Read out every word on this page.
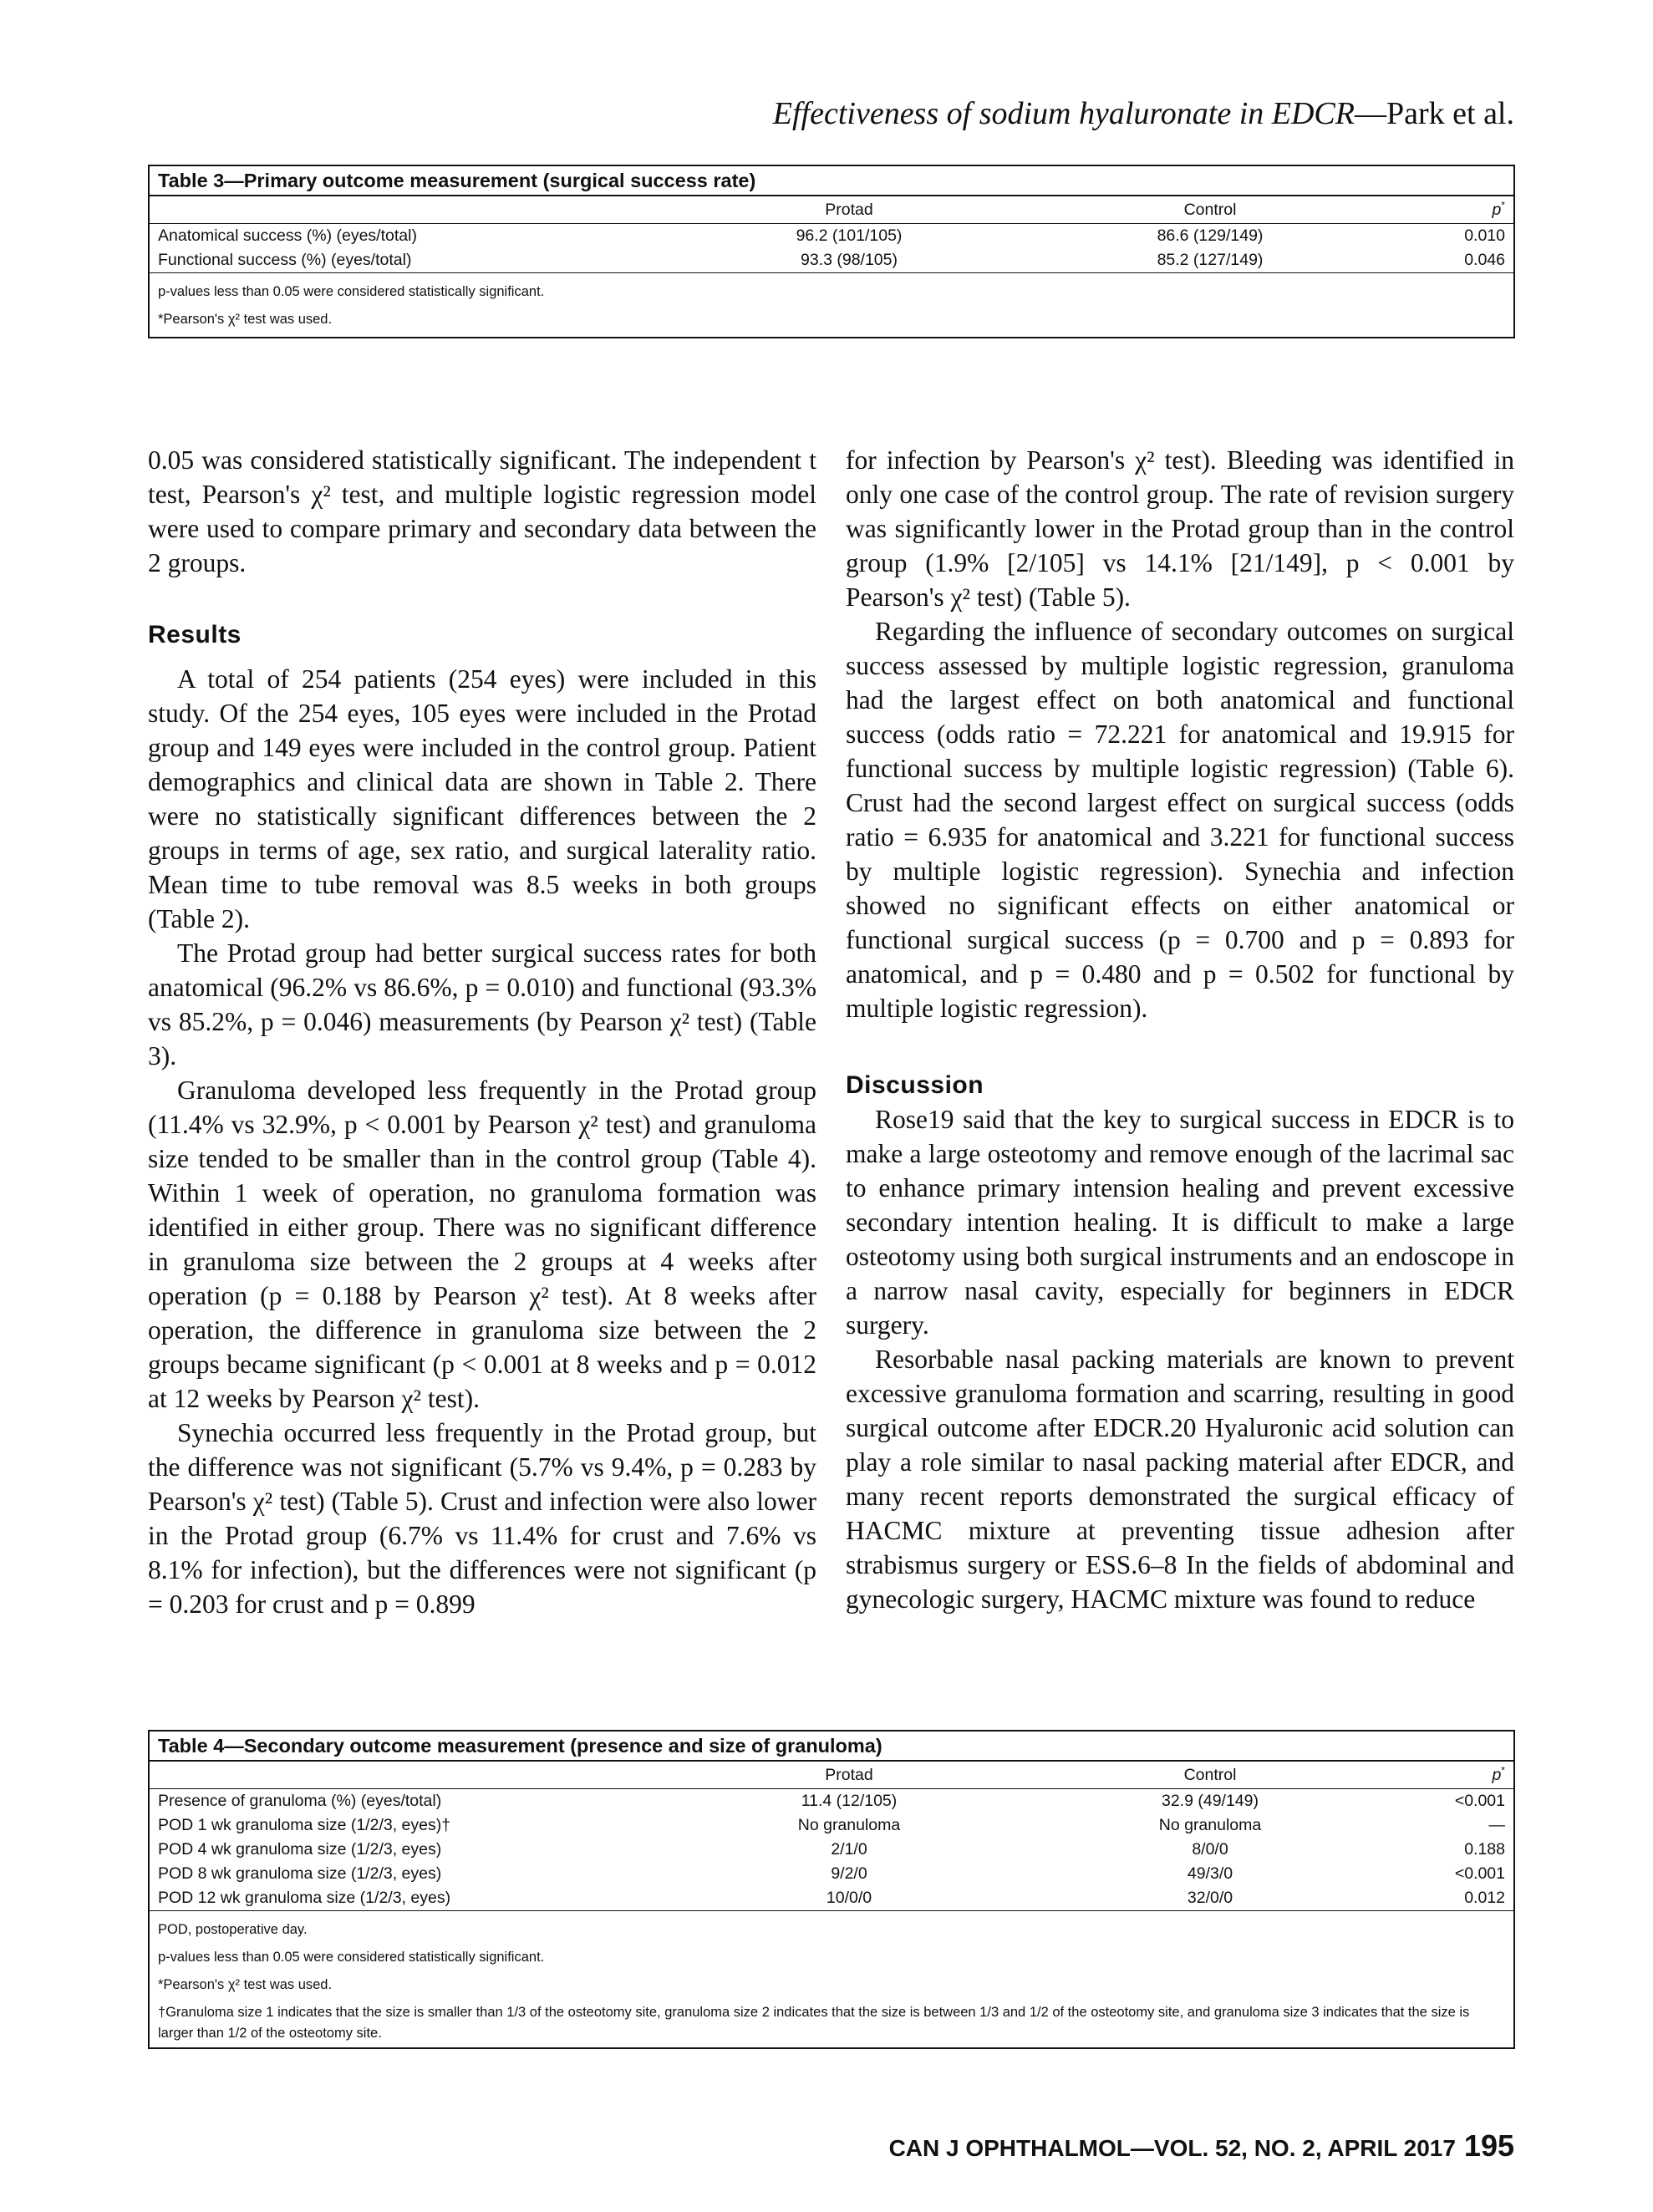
Effectiveness of sodium hyaluronate in EDCR—Park et al.
Table 3—Primary outcome measurement (surgical success rate)
	Protad	Control	p*
Anatomical success (%) (eyes/total)	96.2 (101/105)	86.6 (129/149)	0.010
Functional success (%) (eyes/total)	93.3 (98/105)	85.2 (127/149)	0.046
p-values less than 0.05 were considered statistically significant.
*Pearson's χ² test was used.

0.05 was considered statistically significant. The independent t test, Pearson's χ² test, and multiple logistic regression model were used to compare primary and secondary data between the 2 groups.

Results

A total of 254 patients (254 eyes) were included in this study. Of the 254 eyes, 105 eyes were included in the Protad group and 149 eyes were included in the control group. Patient demographics and clinical data are shown in Table 2. There were no statistically significant differences between the 2 groups in terms of age, sex ratio, and surgical laterality ratio. Mean time to tube removal was 8.5 weeks in both groups (Table 2).

The Protad group had better surgical success rates for both anatomical (96.2% vs 86.6%, p = 0.010) and functional (93.3% vs 85.2%, p = 0.046) measurements (by Pearson χ² test) (Table 3).

Granuloma developed less frequently in the Protad group (11.4% vs 32.9%, p < 0.001 by Pearson χ² test) and granuloma size tended to be smaller than in the control group (Table 4). Within 1 week of operation, no granuloma formation was identified in either group. There was no significant difference in granuloma size between the 2 groups at 4 weeks after operation (p = 0.188 by Pearson χ² test). At 8 weeks after operation, the difference in granuloma size between the 2 groups became significant (p < 0.001 at 8 weeks and p = 0.012 at 12 weeks by Pearson χ² test).

Synechia occurred less frequently in the Protad group, but the difference was not significant (5.7% vs 9.4%, p = 0.283 by Pearson's χ² test) (Table 5). Crust and infection were also lower in the Protad group (6.7% vs 11.4% for crust and 7.6% vs 8.1% for infection), but the differences were not significant (p = 0.203 for crust and p = 0.899

for infection by Pearson's χ² test). Bleeding was identified in only one case of the control group. The rate of revision surgery was significantly lower in the Protad group than in the control group (1.9% [2/105] vs 14.1% [21/149], p < 0.001 by Pearson's χ² test) (Table 5).

Regarding the influence of secondary outcomes on surgical success assessed by multiple logistic regression, granuloma had the largest effect on both anatomical and functional success (odds ratio = 72.221 for anatomical and 19.915 for functional success by multiple logistic regression) (Table 6). Crust had the second largest effect on surgical success (odds ratio = 6.935 for anatomical and 3.221 for functional success by multiple logistic regression). Synechia and infection showed no significant effects on either anatomical or functional surgical success (p = 0.700 and p = 0.893 for anatomical, and p = 0.480 and p = 0.502 for functional by multiple logistic regression).

Discussion

Rose19 said that the key to surgical success in EDCR is to make a large osteotomy and remove enough of the lacrimal sac to enhance primary intension healing and prevent excessive secondary intention healing. It is difficult to make a large osteotomy using both surgical instruments and an endoscope in a narrow nasal cavity, especially for beginners in EDCR surgery.

Resorbable nasal packing materials are known to prevent excessive granuloma formation and scarring, resulting in good surgical outcome after EDCR.20 Hyaluronic acid solution can play a role similar to nasal packing material after EDCR, and many recent reports demonstrated the surgical efficacy of HACMC mixture at preventing tissue adhesion after strabismus surgery or ESS.6–8 In the fields of abdominal and gynecologic surgery, HACMC mixture was found to reduce

Table 4—Secondary outcome measurement (presence and size of granuloma)
	Protad	Control	p*
Presence of granuloma (%) (eyes/total)	11.4 (12/105)	32.9 (49/149)	<0.001
POD 1 wk granuloma size (1/2/3, eyes)†	No granuloma	No granuloma	—
POD 4 wk granuloma size (1/2/3, eyes)	2/1/0	8/0/0	0.188
POD 8 wk granuloma size (1/2/3, eyes)	9/2/0	49/3/0	<0.001
POD 12 wk granuloma size (1/2/3, eyes)	10/0/0	32/0/0	0.012
POD, postoperative day.
p-values less than 0.05 were considered statistically significant.
*Pearson's χ² test was used.
†Granuloma size 1 indicates that the size is smaller than 1/3 of the osteotomy site, granuloma size 2 indicates that the size is between 1/3 and 1/2 of the osteotomy site, and granuloma size 3 indicates that the size is larger than 1/2 of the osteotomy site.
CAN J OPHTHALMOL—VOL. 52, NO. 2, APRIL 2017 195
